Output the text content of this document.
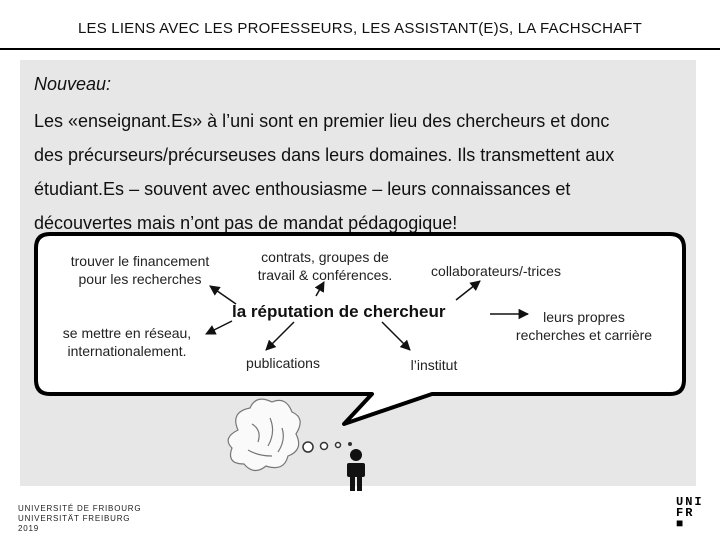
LES LIENS AVEC LES PROFESSEURS, LES ASSISTANT(E)S, LA FACHSCHAFT
Nouveau:
Les «enseignant.Es» à l’uni sont en premier lieu des chercheurs et donc
des précurseurs/précurseuses dans leurs domaines. Ils transmettent aux
étudiant.Es – souvent avec enthousiasme – leurs connaissances et
découvertes mais n’ont pas de mandat pédagogique!
trouver le financement
pour les recherches
contrats, groupes de
travail & conférences.	collaborateurs/-trices
se mettre en réseau,
internationalement.
la réputation de chercheur	leurs propres
recherches et carrière
publications	l’institut
UNIVERSITÉ DE FRIBOURG
UNIVERSITÄT FREIBURG
2019
UNI
FR
■
